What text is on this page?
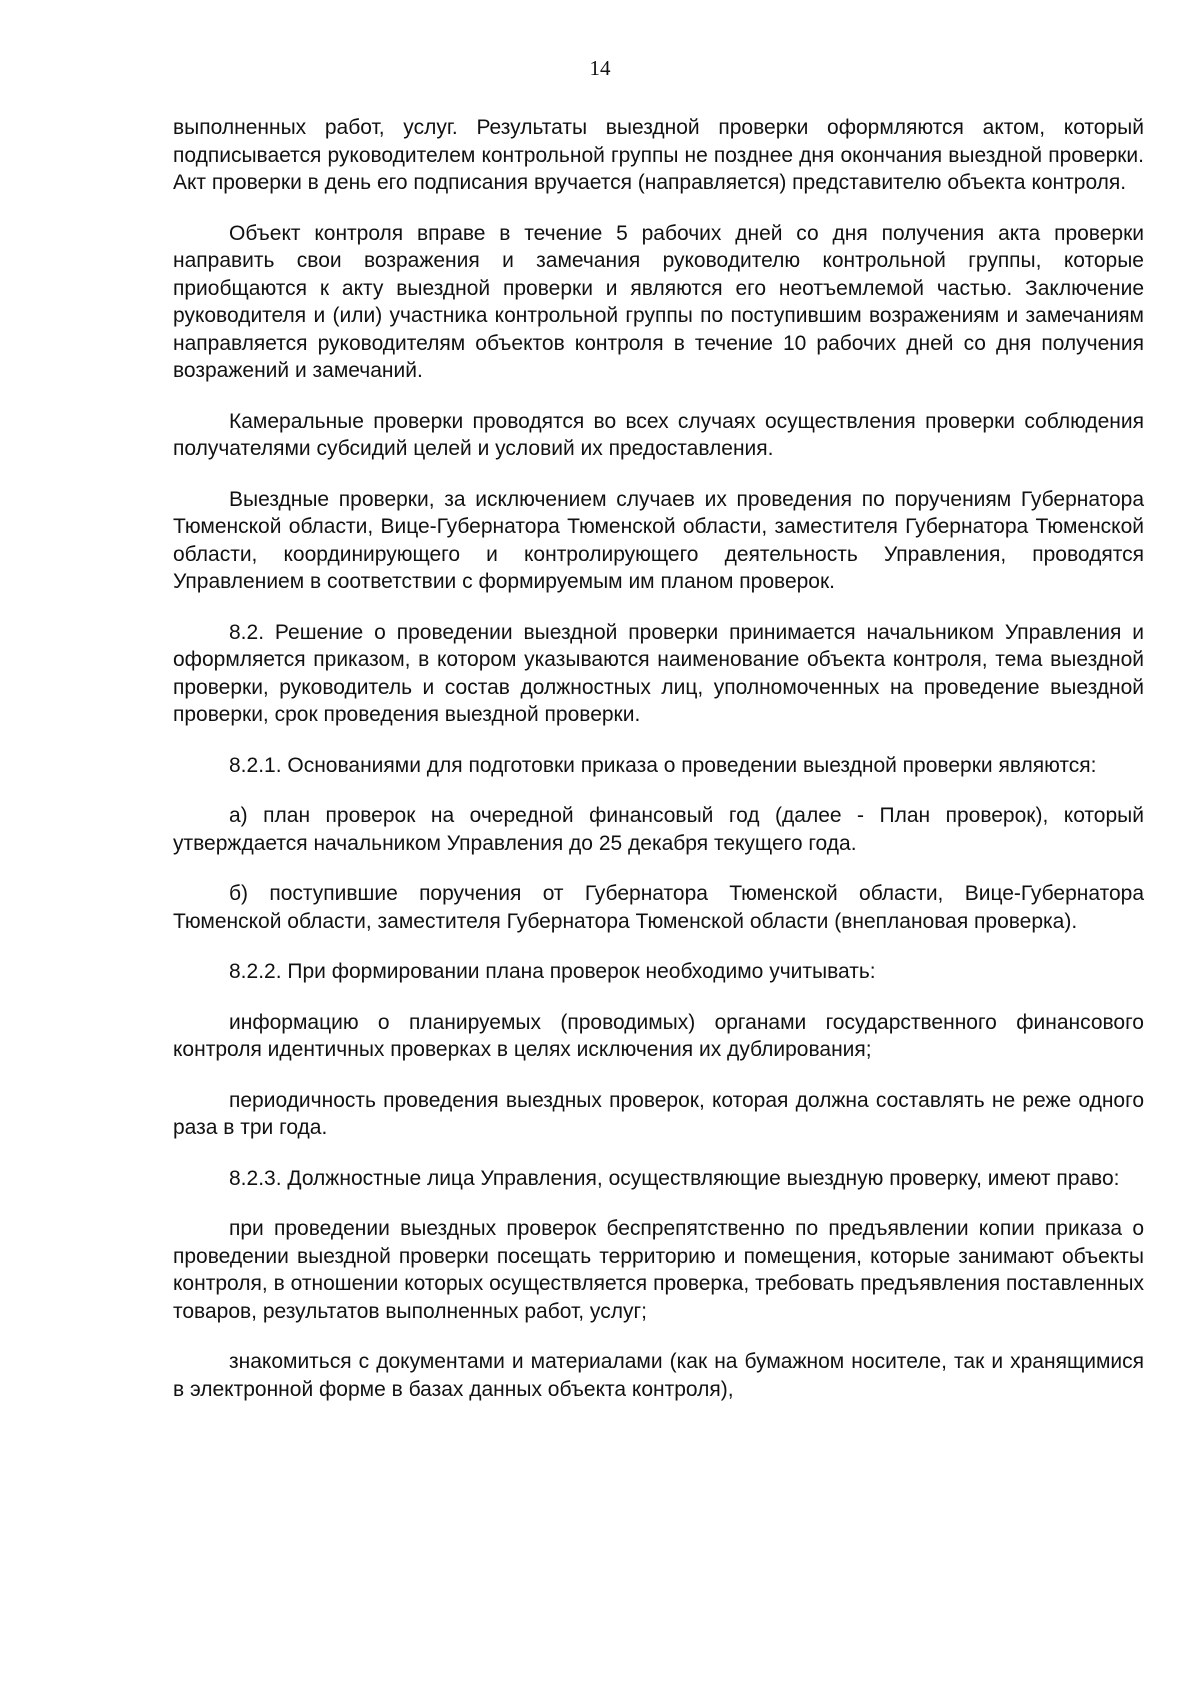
14

выполненных работ, услуг. Результаты выездной проверки оформляются актом, который подписывается руководителем контрольной группы не позднее дня окончания выездной проверки. Акт проверки в день его подписания вручается (направляется) представителю объекта контроля.

Объект контроля вправе в течение 5 рабочих дней со дня получения акта проверки направить свои возражения и замечания руководителю контрольной группы, которые приобщаются к акту выездной проверки и являются его неотъемлемой частью. Заключение руководителя и (или) участника контрольной группы по поступившим возражениям и замечаниям направляется руководителям объектов контроля в течение 10 рабочих дней со дня получения возражений и замечаний.

Камеральные проверки проводятся во всех случаях осуществления проверки соблюдения получателями субсидий целей и условий их предоставления.

Выездные проверки, за исключением случаев их проведения по поручениям Губернатора Тюменской области, Вице-Губернатора Тюменской области, заместителя Губернатора Тюменской области, координирующего и контролирующего деятельность Управления, проводятся Управлением в соответствии с формируемым им планом проверок.

8.2. Решение о проведении выездной проверки принимается начальником Управления и оформляется приказом, в котором указываются наименование объекта контроля, тема выездной проверки, руководитель и состав должностных лиц, уполномоченных на проведение выездной проверки, срок проведения выездной проверки.

8.2.1. Основаниями для подготовки приказа о проведении выездной проверки являются:

а) план проверок на очередной финансовый год (далее - План проверок), который утверждается начальником Управления до 25 декабря текущего года.

б) поступившие поручения от Губернатора Тюменской области, Вице-Губернатора Тюменской области, заместителя Губернатора Тюменской области (внеплановая проверка).

8.2.2. При формировании плана проверок необходимо учитывать:

информацию о планируемых (проводимых) органами государственного финансового контроля идентичных проверках в целях исключения их дублирования;

периодичность проведения выездных проверок, которая должна составлять не реже одного раза в три года.

8.2.3. Должностные лица Управления, осуществляющие выездную проверку, имеют право:

при проведении выездных проверок беспрепятственно по предъявлении копии приказа о проведении выездной проверки посещать территорию и помещения, которые занимают объекты контроля, в отношении которых осуществляется проверка, требовать предъявления поставленных товаров, результатов выполненных работ, услуг;

знакомиться с документами и материалами (как на бумажном носителе, так и хранящимися в электронной форме в базах данных объекта контроля),
